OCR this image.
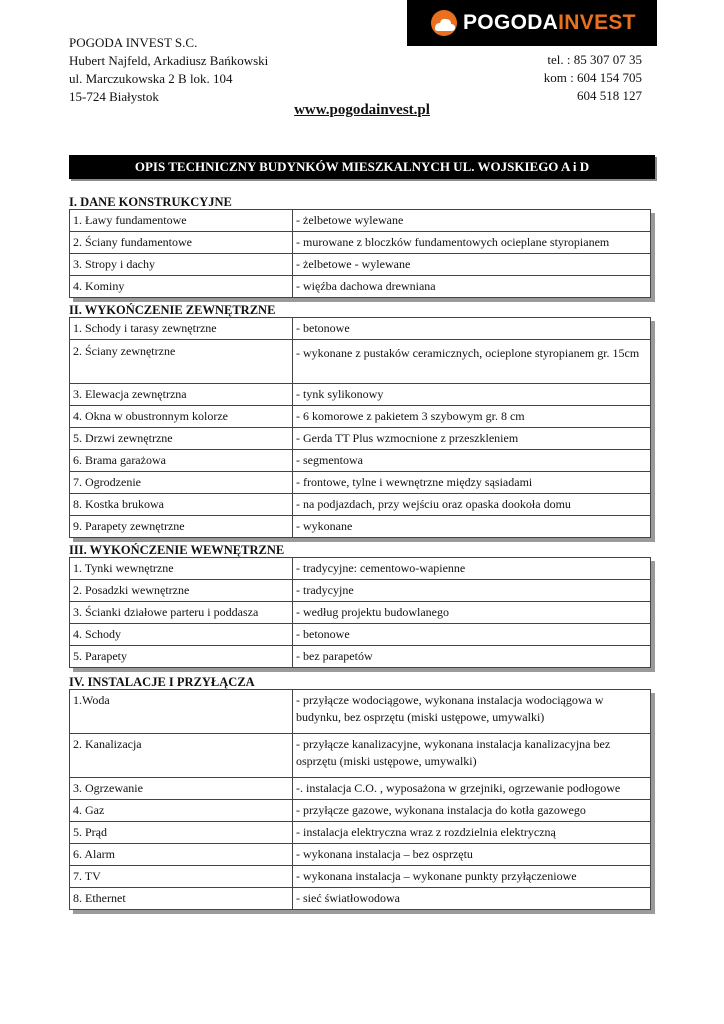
POGODAINVEST
POGODA INVEST S.C.
Hubert Najfeld, Arkadiusz Bańkowski
ul. Marczukowska 2 B lok. 104
15-724 Białystok
tel. : 85 307 07 35
kom : 604 154 705
604 518 127
www.pogodainvest.pl
OPIS TECHNICZNY BUDYNKÓW MIESZKALNYCH UL. WOJSKIEGO A i D
I. DANE KONSTRUKCYJNE
1. Ławy fundamentowe	- żelbetowe wylewane
2. Ściany fundamentowe	- murowane z bloczków fundamentowych ocieplane styropianem
3. Stropy i dachy	- żelbetowe - wylewane
4. Kominy	- więźba dachowa drewniana
II. WYKOŃCZENIE ZEWNĘTRZNE
1. Schody i tarasy zewnętrzne	- betonowe
2. Ściany zewnętrzne	- wykonane z pustaków ceramicznych, ocieplone styropianem gr. 15cm
3. Elewacja zewnętrzna	- tynk sylikonowy
4. Okna w obustronnym kolorze	- 6 komorowe z pakietem 3 szybowym gr. 8 cm
5. Drzwi zewnętrzne	- Gerda TT Plus wzmocnione z przeszkleniem
6. Brama garażowa	- segmentowa
7. Ogrodzenie	- frontowe, tylne i wewnętrzne między sąsiadami
8. Kostka brukowa	- na podjazdach, przy wejściu oraz opaska dookoła domu
9. Parapety zewnętrzne	- wykonane
III. WYKOŃCZENIE WEWNĘTRZNE
1. Tynki wewnętrzne	- tradycyjne: cementowo-wapienne
2. Posadzki wewnętrzne	- tradycyjne
3. Ścianki działowe parteru i poddasza	- według projektu budowlanego
4. Schody	- betonowe
5. Parapety	- bez parapetów
IV. INSTALACJE I PRZYŁĄCZA
1.Woda	- przyłącze wodociągowe, wykonana instalacja wodociągowa w budynku, bez osprzętu (miski ustępowe, umywalki)
2. Kanalizacja	- przyłącze kanalizacyjne, wykonana instalacja kanalizacyjna bez osprzętu (miski ustępowe, umywalki)
3. Ogrzewanie	-. instalacja C.O. , wyposażona w grzejniki, ogrzewanie podłogowe
4. Gaz	- przyłącze gazowe, wykonana instalacja do kotła gazowego
5. Prąd	- instalacja elektryczna wraz z rozdzielnia elektryczną
6. Alarm	- wykonana instalacja – bez osprzętu
7. TV	- wykonana instalacja – wykonane punkty przyłączeniowe
8. Ethernet	- sieć światłowodowa
